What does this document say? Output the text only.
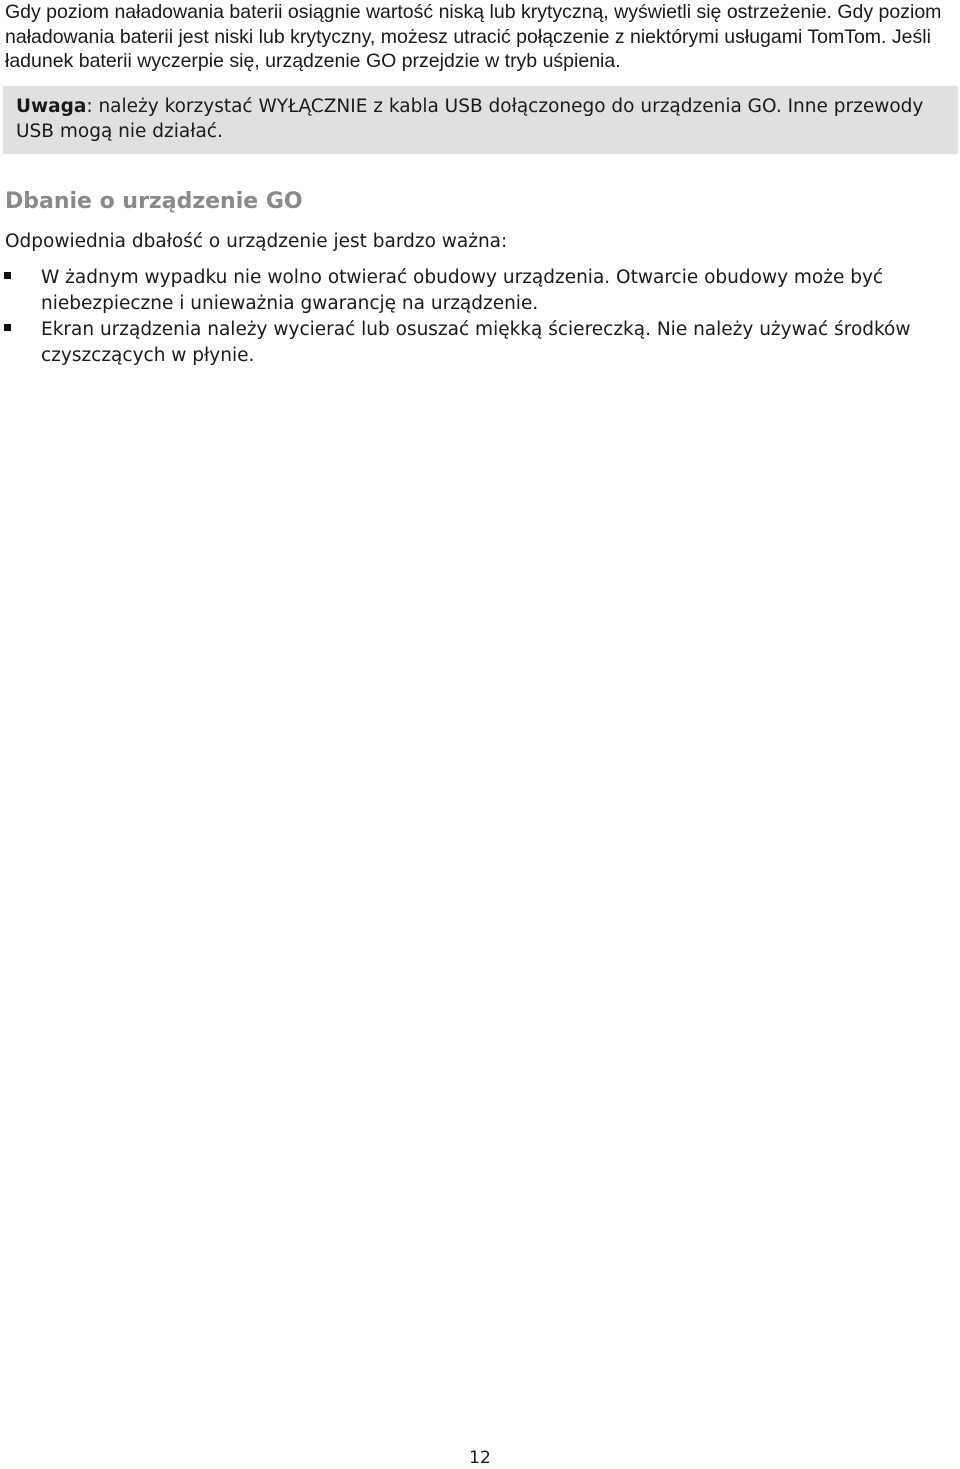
Gdy poziom naładowania baterii osiągnie wartość niską lub krytyczną, wyświetli się ostrzeżenie. Gdy poziom naładowania baterii jest niski lub krytyczny, możesz utracić połączenie z niektórymi usługami TomTom. Jeśli ładunek baterii wyczerpie się, urządzenie GO przejdzie w tryb uśpienia.

Uwaga: należy korzystać WYŁĄCZNIE z kabla USB dołączonego do urządzenia GO. Inne przewody USB mogą nie działać.
Dbanie o urządzenie GO

Odpowiednia dbałość o urządzenie jest bardzo ważna:

W żadnym wypadku nie wolno otwierać obudowy urządzenia. Otwarcie obudowy może być niebezpieczne i unieważnia gwarancję na urządzenie.
Ekran urządzenia należy wycierać lub osuszać miękką ściereczką. Nie należy używać środków czyszczących w płynie.

12
